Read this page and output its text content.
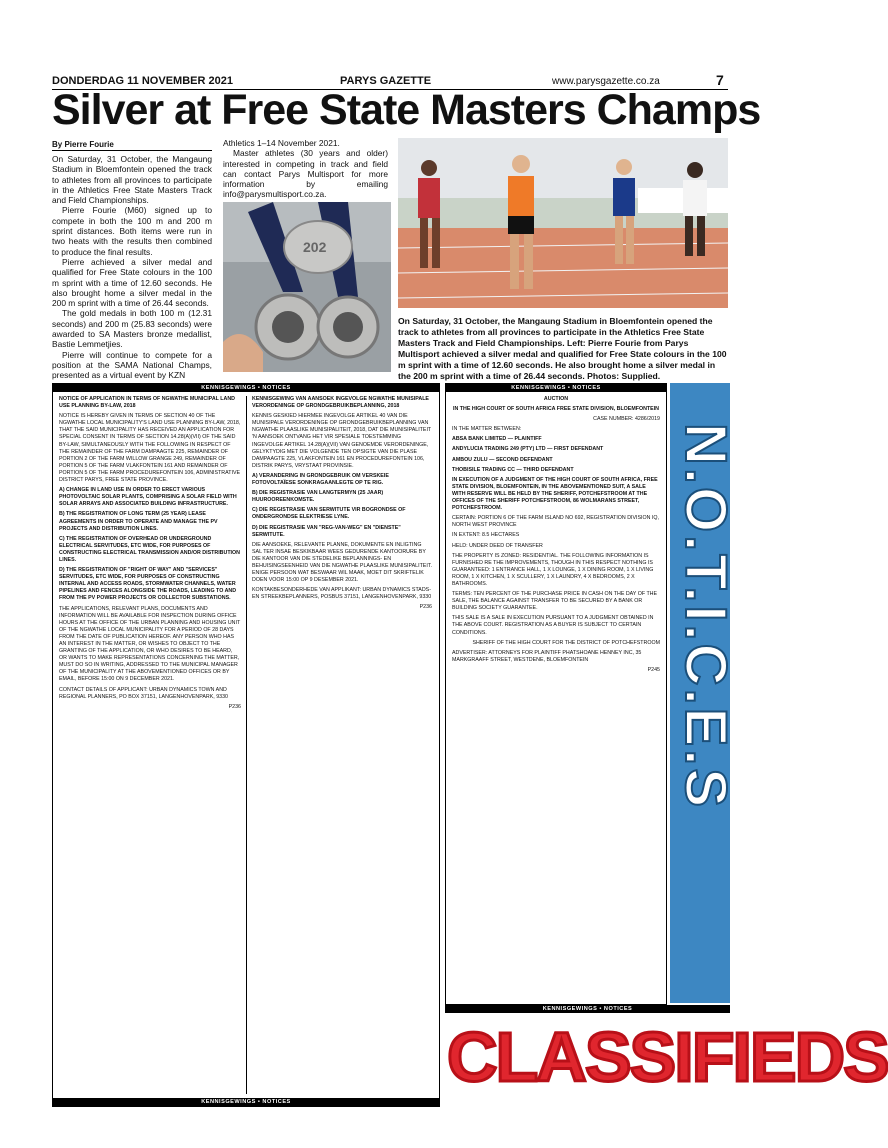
DONDERDAG 11 NOVEMBER 2021	PARYS GAZETTE	www.parysgazette.co.za	7
Silver at Free State Masters Champs
By Pierre Fourie

On Saturday, 31 October, the Mangaung Stadium in Bloemfontein opened the track to athletes from all provinces to participate in the Athletics Free State Masters Track and Field Championships.

Pierre Fourie (M60) signed up to compete in both the 100 m and 200 m sprint distances. Both items were run in two heats with the results then combined to produce the final results.

Pierre achieved a silver medal and qualified for Free State colours in the 100 m sprint with a time of 12.60 seconds. He also brought home a silver medal in the 200 m sprint with a time of 26.44 seconds.

The gold medals in both 100 m (12.31 seconds) and 200 m (25.83 seconds) were awarded to SA Masters bronze medallist, Bastie Lemmetjies.

Pierre will continue to compete for a position at the SAMA National Champs, presented as a virtual event by KZN

Athletics 1–14 November 2021.

Master athletes (30 years and older) interested in competing in track and field can contact Parys Multisport for more information by emailing info@parysmultisport.co.za.

202
On Saturday, 31 October, the Mangaung Stadium in Bloemfontein opened the track to athletes from all provinces to participate in the Athletics Free State Masters Track and Field Championships. Left: Pierre Fourie from Parys Multisport achieved a silver medal and qualified for Free State colours in the 100 m sprint with a time of 12.60 seconds. He also brought home a silver medal in the 200 m sprint with a time of 26.44 seconds. Photos: Supplied.
KENNISGEWINGS • NOTICES

NOTICE OF APPLICATION IN TERMS OF NGWATHE MUNICIPAL LAND USE PLANNING BY-LAW, 2018

NOTICE IS HEREBY GIVEN IN TERMS OF SECTION 40 OF THE NGWATHE LOCAL MUNICIPALITY'S LAND USE PLANNING BY-LAW, 2018, THAT THE SAID MUNICIPALITY HAS RECEIVED AN APPLICATION FOR SPECIAL CONSENT IN TERMS OF SECTION 14.28(A)(VII) OF THE SAID BY-LAW, SIMULTANEOUSLY WITH THE FOLLOWING IN RESPECT OF THE REMAINDER OF THE FARM DAMPAAGTE 225, REMAINDER OF PORTION 2 OF THE FARM WILLOW GRANGE 249, REMAINDER OF PORTION 5 OF THE FARM VLAKFONTEIN 161 AND REMAINDER OF PORTION 5 OF THE FARM PROCEDUREFONTEIN 106, ADMINISTRATIVE DISTRICT PARYS, FREE STATE PROVINCE.

A) CHANGE IN LAND USE IN ORDER TO ERECT VARIOUS PHOTOVOLTAIC SOLAR PLANTS, COMPRISING A SOLAR FIELD WITH SOLAR ARRAYS AND ASSOCIATED BUILDING INFRASTRUCTURE.

B) THE REGISTRATION OF LONG TERM (25 YEAR) LEASE AGREEMENTS IN ORDER TO OPERATE AND MANAGE THE PV PROJECTS AND DISTRIBUTION LINES.

C) THE REGISTRATION OF OVERHEAD OR UNDERGROUND ELECTRICAL SERVITUDES, ETC WIDE, FOR PURPOSES OF CONSTRUCTING ELECTRICAL TRANSMISSION AND/OR DISTRIBUTION LINES.

D) THE REGISTRATION OF "RIGHT OF WAY" AND "SERVICES" SERVITUDES, ETC WIDE, FOR PURPOSES OF CONSTRUCTING INTERNAL AND ACCESS ROADS, STORMWATER CHANNELS, WATER PIPELINES AND FENCES ALONGSIDE THE ROADS, LEADING TO AND FROM THE PV POWER PROJECTS OR COLLECTOR SUBSTATIONS.

THE APPLICATIONS, RELEVANT PLANS, DOCUMENTS AND INFORMATION WILL BE AVAILABLE FOR INSPECTION DURING OFFICE HOURS AT THE OFFICE OF THE URBAN PLANNING AND HOUSING UNIT OF THE NGWATHE LOCAL MUNICIPALITY FOR A PERIOD OF 28 DAYS FROM THE DATE OF PUBLICATION HEREOF. ANY PERSON WHO HAS AN INTEREST IN THE MATTER, OR WISHES TO OBJECT TO THE GRANTING OF THE APPLICATION, OR WHO DESIRES TO BE HEARD, OR WANTS TO MAKE REPRESENTATIONS CONCERNING THE MATTER, MUST DO SO IN WRITING, ADDRESSED TO THE MUNICIPAL MANAGER OF THE MUNICIPALITY AT THE ABOVEMENTIONED OFFICES OR BY EMAIL, BEFORE 15:00 ON 9 DECEMBER 2021.

CONTACT DETAILS OF APPLICANT: URBAN DYNAMICS TOWN AND REGIONAL PLANNERS, PO BOX 37151, LANGENHOVENPARK, 9330

P236

KENNISGEWING VAN AANSOEK INGEVOLGE NGWATHE MUNISIPALE VERORDENINGE OP GRONDGEBRUIKBEPLANNING, 2018

KENNIS GESKIED HIERMEE INGEVOLGE ARTIKEL 40 VAN DIE MUNISIPALE VERORDENINGE OP GRONDGEBRUIKBEPLANNING VAN NGWATHE PLAASLIKE MUNISIPALITEIT, 2018, DAT DIE MUNISIPALITEIT 'N AANSOEK ONTVANG HET VIR SPESIALE TOESTEMMING INGEVOLGE ARTIKEL 14.28(A)(VII) VAN GENOEMDE VERORDENINGE, GELYKTYDIG MET DIE VOLGENDE TEN OPSIGTE VAN DIE PLASE DAMPAAGTE 225, VLAKFONTEIN 161 EN PROCEDUREFONTEIN 106, DISTRIK PARYS, VRYSTAAT PROVINSIE.

A) VERANDERING IN GRONDGEBRUIK OM VERSKEIE FOTOVOLTAÏESE SONKRAGAANLEGTE OP TE RIG.

B) DIE REGISTRASIE VAN LANGTERMYN (25 JAAR) HUUROOREENKOMSTE.

C) DIE REGISTRASIE VAN SERWITUTE VIR BOGRONDSE OF ONDERGRONDSE ELEKTRIESE LYNE.

D) DIE REGISTRASIE VAN "REG-VAN-WEG" EN "DIENSTE" SERWITUTE.

DIE AANSOEKE, RELEVANTE PLANNE, DOKUMENTE EN INLIGTING SAL TER INSAE BESKIKBAAR WEES GEDURENDE KANTOORURE BY DIE KANTOOR VAN DIE STEDELIKE BEPLANNINGS- EN BEHUISINGSEENHEID VAN DIE NGWATHE PLAASLIKE MUNISIPALITEIT. ENIGE PERSOON WAT BESWAAR WIL MAAK, MOET DIT SKRIFTELIK DOEN VOOR 15:00 OP 9 DESEMBER 2021.

KONTAKBESONDERHEDE VAN APPLIKANT: URBAN DYNAMICS STADS- EN STREEKBEPLANNERS, POSBUS 37151, LANGENHOVENPARK, 9330

P236

KENNISGEWINGS • NOTICES
KENNISGEWINGS • NOTICES

AUCTION

IN THE HIGH COURT OF SOUTH AFRICA FREE STATE DIVISION, BLOEMFONTEIN

CASE NUMBER: 4286/2019

IN THE MATTER BETWEEN:

ABSA BANK LIMITED — PLAINTIFF

ANDYLUCIA TRADING 249 (PTY) LTD — FIRST DEFENDANT

AMBOU ZULU — SECOND DEFENDANT

THOBISILE TRADING CC — THIRD DEFENDANT

IN EXECUTION OF A JUDGMENT OF THE HIGH COURT OF SOUTH AFRICA, FREE STATE DIVISION, BLOEMFONTEIN, IN THE ABOVEMENTIONED SUIT, A SALE WITH RESERVE WILL BE HELD BY THE SHERIFF, POTCHEFSTROOM AT THE OFFICES OF THE SHERIFF POTCHEFSTROOM, 86 WOLMARANS STREET, POTCHEFSTROOM.

CERTAIN: PORTION 6 OF THE FARM ISLAND NO 692, REGISTRATION DIVISION IQ, NORTH WEST PROVINCE

IN EXTENT: 8.5 HECTARES

HELD: UNDER DEED OF TRANSFER

THE PROPERTY IS ZONED: RESIDENTIAL. THE FOLLOWING INFORMATION IS FURNISHED RE THE IMPROVEMENTS, THOUGH IN THIS RESPECT NOTHING IS GUARANTEED: 1 ENTRANCE HALL, 1 X LOUNGE, 1 X DINING ROOM, 1 X LIVING ROOM, 1 X KITCHEN, 1 X SCULLERY, 1 X LAUNDRY, 4 X BEDROOMS, 2 X BATHROOMS.

TERMS: TEN PERCENT OF THE PURCHASE PRICE IN CASH ON THE DAY OF THE SALE, THE BALANCE AGAINST TRANSFER TO BE SECURED BY A BANK OR BUILDING SOCIETY GUARANTEE.

THIS SALE IS A SALE IN EXECUTION PURSUANT TO A JUDGMENT OBTAINED IN THE ABOVE COURT. REGISTRATION AS A BUYER IS SUBJECT TO CERTAIN CONDITIONS.

SHERIFF OF THE HIGH COURT FOR THE DISTRICT OF POTCHEFSTROOM

ADVERTISER: ATTORNEYS FOR PLAINTIFF PHATSHOANE HENNEY INC, 35 MARKGRAAFF STREET, WESTDENE, BLOEMFONTEIN

P245 N.O.T.I.C.E.S
KENNISGEWINGS • NOTICES
CLASSIFIEDS
